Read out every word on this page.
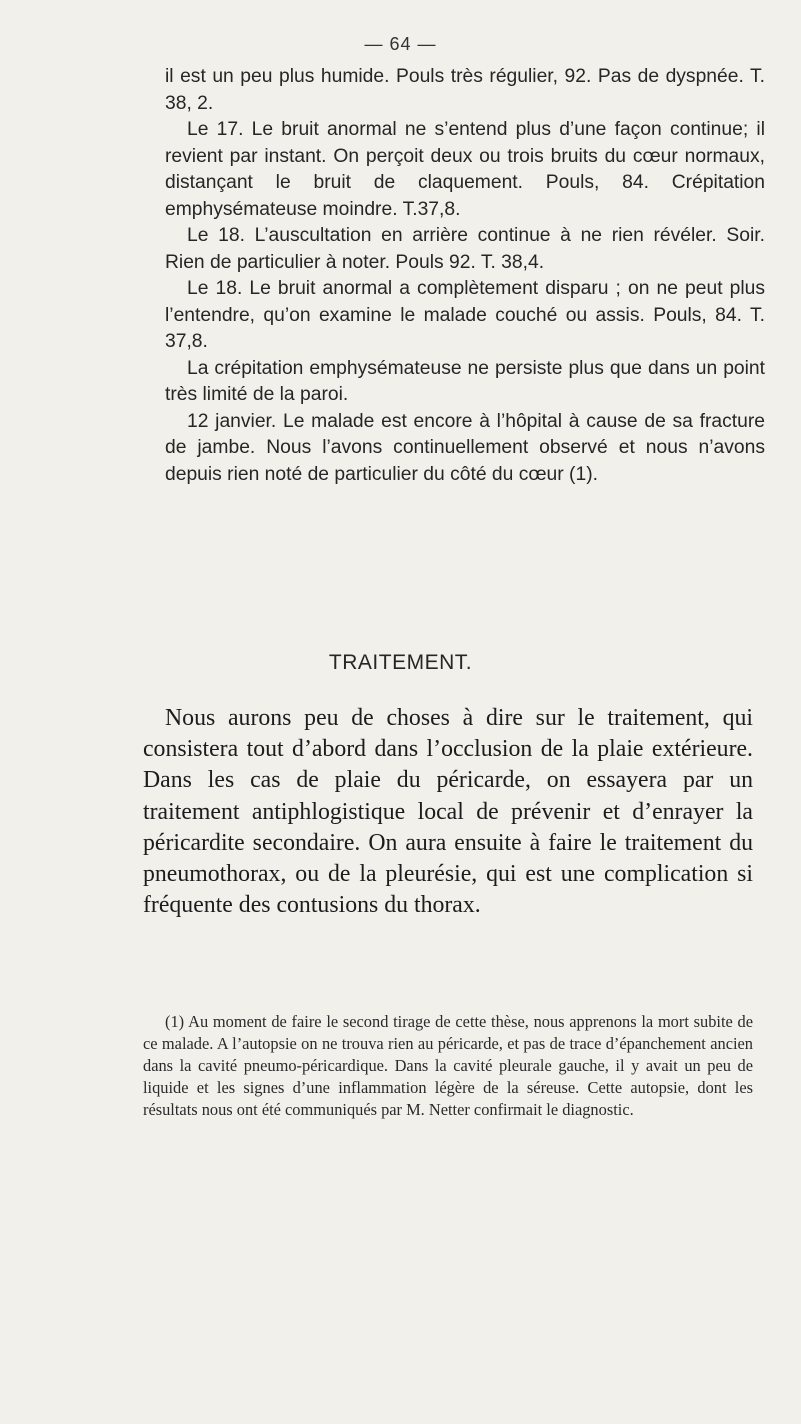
— 64 —

il est un peu plus humide. Pouls très régulier, 92. Pas de dyspnée. T. 38, 2.

Le 17. Le bruit anormal ne s’entend plus d’une façon continue; il revient par instant. On perçoit deux ou trois bruits du cœur normaux, distançant le bruit de claquement. Pouls, 84. Crépitation emphysémateuse moindre. T.37,8.

Le 18. L’auscultation en arrière continue à ne rien révéler. Soir. Rien de particulier à noter. Pouls 92. T. 38,4.

Le 18. Le bruit anormal a complètement disparu ; on ne peut plus l’entendre, qu’on examine le malade couché ou assis. Pouls, 84. T. 37,8.

La crépitation emphysémateuse ne persiste plus que dans un point très limité de la paroi.

12 janvier. Le malade est encore à l’hôpital à cause de sa fracture de jambe. Nous l’avons continuellement observé et nous n’avons depuis rien noté de particulier du côté du cœur (1).

TRAITEMENT.

Nous aurons peu de choses à dire sur le traitement, qui consistera tout d’abord dans l’occlusion de la plaie extérieure. Dans les cas de plaie du péricarde, on essayera par un traitement antiphlogistique local de prévenir et d’enrayer la péricardite secondaire. On aura ensuite à faire le traitement du pneumothorax, ou de la pleurésie, qui est une complication si fréquente des contusions du thorax.

(1) Au moment de faire le second tirage de cette thèse, nous apprenons la mort subite de ce malade. A l’autopsie on ne trouva rien au péricarde, et pas de trace d’épanchement ancien dans la cavité pneumo-péricardique. Dans la cavité pleurale gauche, il y avait un peu de liquide et les signes d’une inflammation légère de la séreuse. Cette autopsie, dont les résultats nous ont été communiqués par M. Netter confirmait le diagnostic.
